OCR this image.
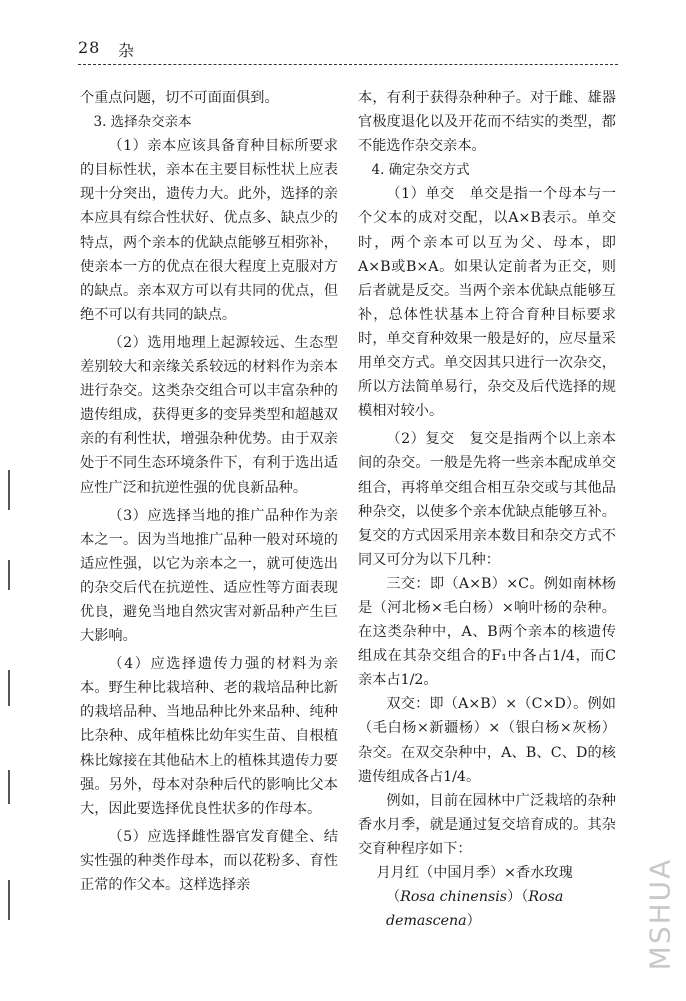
28 杂

个重点问题，切不可面面俱到。

3. 选择杂交亲本

（1）亲本应该具备育种目标所要求的目标性状，亲本在主要目标性状上应表现十分突出，遗传力大。此外，选择的亲本应具有综合性状好、优点多、缺点少的特点，两个亲本的优缺点能够互相弥补，使亲本一方的优点在很大程度上克服对方的缺点。亲本双方可以有共同的优点，但绝不可以有共同的缺点。

（2）选用地理上起源较远、生态型差别较大和亲缘关系较远的材料作为亲本进行杂交。这类杂交组合可以丰富杂种的遗传组成，获得更多的变异类型和超越双亲的有利性状，增强杂种优势。由于双亲处于不同生态环境条件下，有利于选出适应性广泛和抗逆性强的优良新品种。

（3）应选择当地的推广品种作为亲本之一。因为当地推广品种一般对环境的适应性强，以它为亲本之一，就可使选出的杂交后代在抗逆性、适应性等方面表现优良，避免当地自然灾害对新品种产生巨大影响。

（4）应选择遗传力强的材料为亲本。野生种比栽培种、老的栽培品种比新的栽培品种、当地品种比外来品种、纯种比杂种、成年植株比幼年实生苗、自根植株比嫁接在其他砧木上的植株其遗传力要强。另外，母本对杂种后代的影响比父本大，因此要选择优良性状多的作母本。

（5）应选择雌性器官发育健全、结实性强的种类作母本，而以花粉多、育性正常的作父本。这样选择亲

本，有利于获得杂种种子。对于雌、雄器官极度退化以及开花而不结实的类型，都不能选作杂交亲本。

4. 确定杂交方式

（1）单交　单交是指一个母本与一个父本的成对交配，以A×B表示。单交时，两个亲本可以互为父、母本，即A×B或B×A。如果认定前者为正交，则后者就是反交。当两个亲本优缺点能够互补，总体性状基本上符合育种目标要求时，单交育种效果一般是好的，应尽量采用单交方式。单交因其只进行一次杂交，所以方法简单易行，杂交及后代选择的规模相对较小。

（2）复交　复交是指两个以上亲本间的杂交。一般是先将一些亲本配成单交组合，再将单交组合相互杂交或与其他品种杂交，以使多个亲本优缺点能够互补。复交的方式因采用亲本数目和杂交方式不同又可分为以下几种：

三交：即（A×B）×C。例如南林杨是（河北杨×毛白杨）×响叶杨的杂种。在这类杂种中，A、B两个亲本的核遗传组成在其杂交组合的F₁中各占1/4，而C亲本占1/2。

双交：即（A×B）×（C×D）。例如（毛白杨×新疆杨）×（银白杨×灰杨）杂交。在双交杂种中，A、B、C、D的核遗传组成各占1/4。

例如，目前在园林中广泛栽培的杂种香水月季，就是通过复交培育成的。其杂交育种程序如下：

月月红（中国月季）×香水玫瑰

（Rosa chinensis）（Rosa demascena）	MSHUA
